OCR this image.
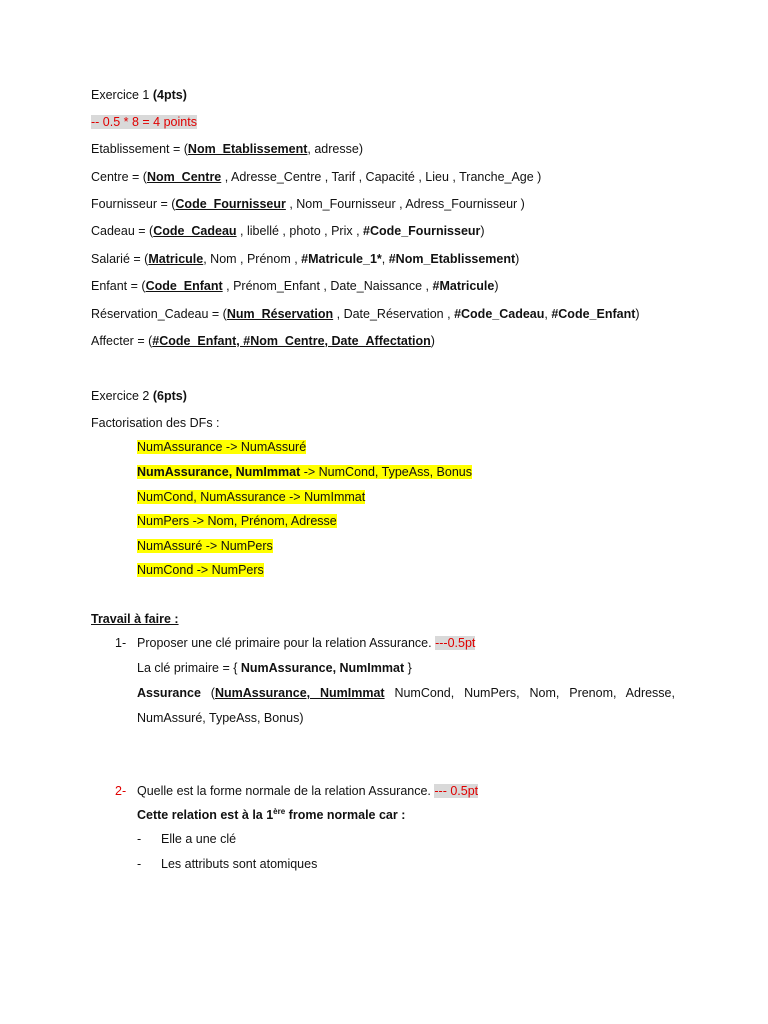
Exercice 1 (4pts)
-- 0.5 * 8 = 4 points
Etablissement = (Nom_Etablissement, adresse)
Centre = (Nom_Centre , Adresse_Centre , Tarif , Capacité , Lieu , Tranche_Age )
Fournisseur = (Code_Fournisseur , Nom_Fournisseur , Adress_Fournisseur )
Cadeau = (Code_Cadeau , libellé , photo , Prix , #Code_Fournisseur)
Salarié = (Matricule, Nom , Prénom , #Matricule_1*, #Nom_Etablissement)
Enfant = (Code_Enfant , Prénom_Enfant , Date_Naissance , #Matricule)
Réservation_Cadeau = (Num_Réservation , Date_Réservation , #Code_Cadeau, #Code_Enfant)
Affecter = (#Code_Enfant, #Nom_Centre, Date_Affectation)
Exercice 2 (6pts)
Factorisation des DFs :
NumAssurance -> NumAssuré
NumAssurance, NumImmat -> NumCond, TypeAss, Bonus
NumCond, NumAssurance -> NumImmat
NumPers -> Nom, Prénom, Adresse
NumAssuré -> NumPers
NumCond -> NumPers
Travail à faire :
1- Proposer une clé primaire pour la relation Assurance. ---0.5pt
La clé primaire = { NumAssurance, NumImmat }
Assurance (NumAssurance, NumImmat NumCond, NumPers, Nom, Prenom, Adresse,
NumAssuré, TypeAss, Bonus)
2- Quelle est la forme normale de la relation Assurance. --- 0.5pt
Cette relation est à la 1ère frome normale car :
- Elle a une clé
- Les attributs sont atomiques
